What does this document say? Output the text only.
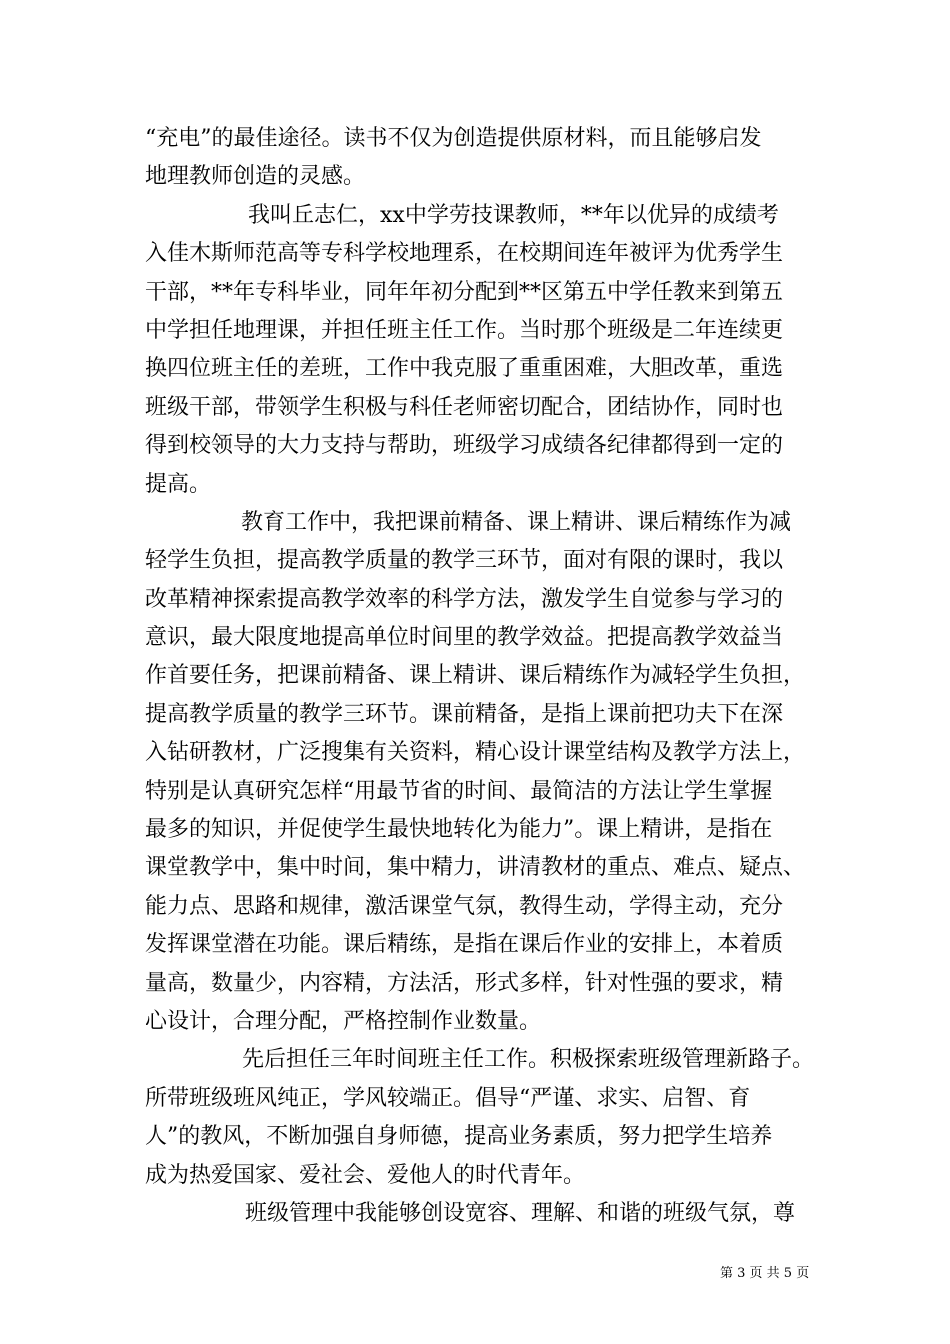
“充电”的最佳途径。读书不仅为创造提供原材料，而且能够启发
地理教师创造的灵感。
我叫丘志仁，xx中学劳技课教师，**年以优异的成绩考
入佳木斯师范高等专科学校地理系，在校期间连年被评为优秀学生
干部，**年专科毕业，同年年初分配到**区第五中学任教来到第五
中学担任地理课，并担任班主任工作。当时那个班级是二年连续更
换四位班主任的差班，工作中我克服了重重困难，大胆改革，重选
班级干部，带领学生积极与科任老师密切配合，团结协作，同时也
得到校领导的大力支持与帮助，班级学习成绩各纪律都得到一定的
提高。
教育工作中，我把课前精备、课上精讲、课后精练作为减
轻学生负担，提高教学质量的教学三环节，面对有限的课时，我以
改革精神探索提高教学效率的科学方法，激发学生自觉参与学习的
意识，最大限度地提高单位时间里的教学效益。把提高教学效益当
作首要任务，把课前精备、课上精讲、课后精练作为减轻学生负担，
提高教学质量的教学三环节。课前精备，是指上课前把功夫下在深
入钻研教材，广泛搜集有关资料，精心设计课堂结构及教学方法上，
特别是认真研究怎样“用最节省的时间、最简洁的方法让学生掌握
最多的知识，并促使学生最快地转化为能力”。课上精讲，是指在
课堂教学中，集中时间，集中精力，讲清教材的重点、难点、疑点、
能力点、思路和规律，激活课堂气氛，教得生动，学得主动，充分
发挥课堂潜在功能。课后精练，是指在课后作业的安排上，本着质
量高，数量少，内容精，方法活，形式多样，针对性强的要求，精
心设计，合理分配，严格控制作业数量。
先后担任三年时间班主任工作。积极探索班级管理新路子。
所带班级班风纯正，学风较端正。倡导“严谨、求实、启智、育
人”的教风，不断加强自身师德，提高业务素质，努力把学生培养
成为热爱国家、爱社会、爱他人的时代青年。
班级管理中我能够创设宽容、理解、和谐的班级气氛，尊
第 3 页 共 5 页
